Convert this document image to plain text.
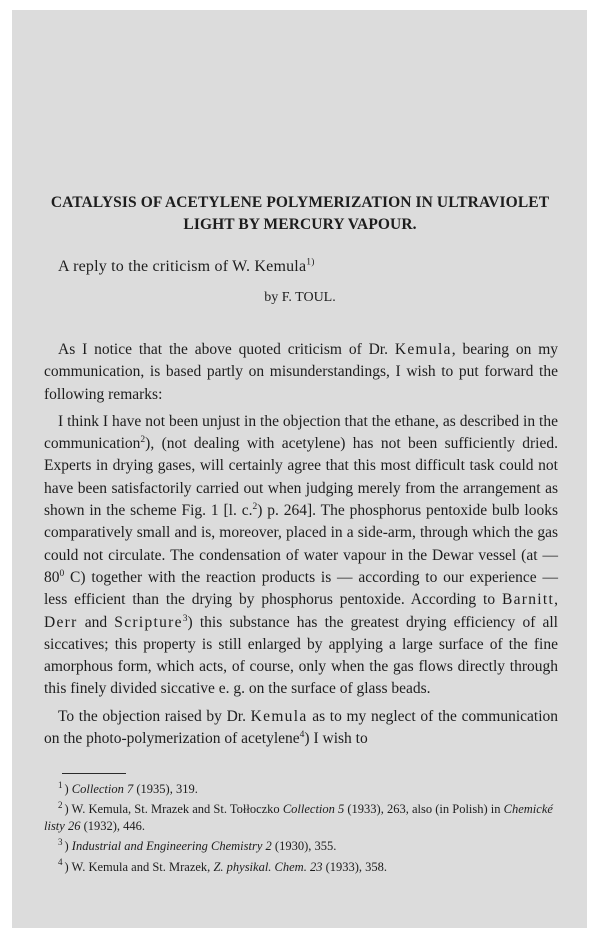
CATALYSIS OF ACETYLENE POLYMERIZATION IN ULTRAVIOLET
LIGHT BY MERCURY VAPOUR.
A reply to the criticism of W. Kemula$^{1)}$
by F. TOUL.

As I notice that the above quoted criticism of Dr. Kemula, bearing on my communication, is based partly on misunderstandings, I wish to put forward the following remarks:

I think I have not been unjust in the objection that the ethane, as described in the communication$^2$), (not dealing with acetylene) has not been sufficiently dried. Experts in drying gases, will certainly agree that this most difficult task could not have been satisfactorily carried out when judging merely from the arrangement as shown in the scheme Fig. 1 [l. c.$^2$) p. 264]. The phosphorus pentoxide bulb looks comparatively small and is, moreover, placed in a side-arm, through which the gas could not circulate. The condensation of water vapour in the Dewar vessel (at — $80^0$ C) together with the reaction products is — according to our experience — less efficient than the drying by phosphorus pentoxide. According to Barnitt, Derr and Scripture$^3$) this substance has the greatest drying efficiency of all siccatives; this property is still enlarged by applying a large surface of the fine amorphous form, which acts, of course, only when the gas flows directly through this finely divided siccative e. g. on the surface of glass beads.

To the objection raised by Dr. Kemula as to my neglect of the communication on the photo-polymerization of acetylene$^4$) I wish to

$^1$ ) Collection 7 (1935), 319.
$^2$ ) W. Kemula, St. Mrazek and St. Tołłoczko Collection 5 (1933), 263, also (in Polish) in Chemické listy 26 (1932), 446.
$^3$ ) Industrial and Engineering Chemistry 2 (1930), 355.
$^4$ ) W. Kemula and St. Mrazek, Z. physikal. Chem. 23 (1933), 358.
